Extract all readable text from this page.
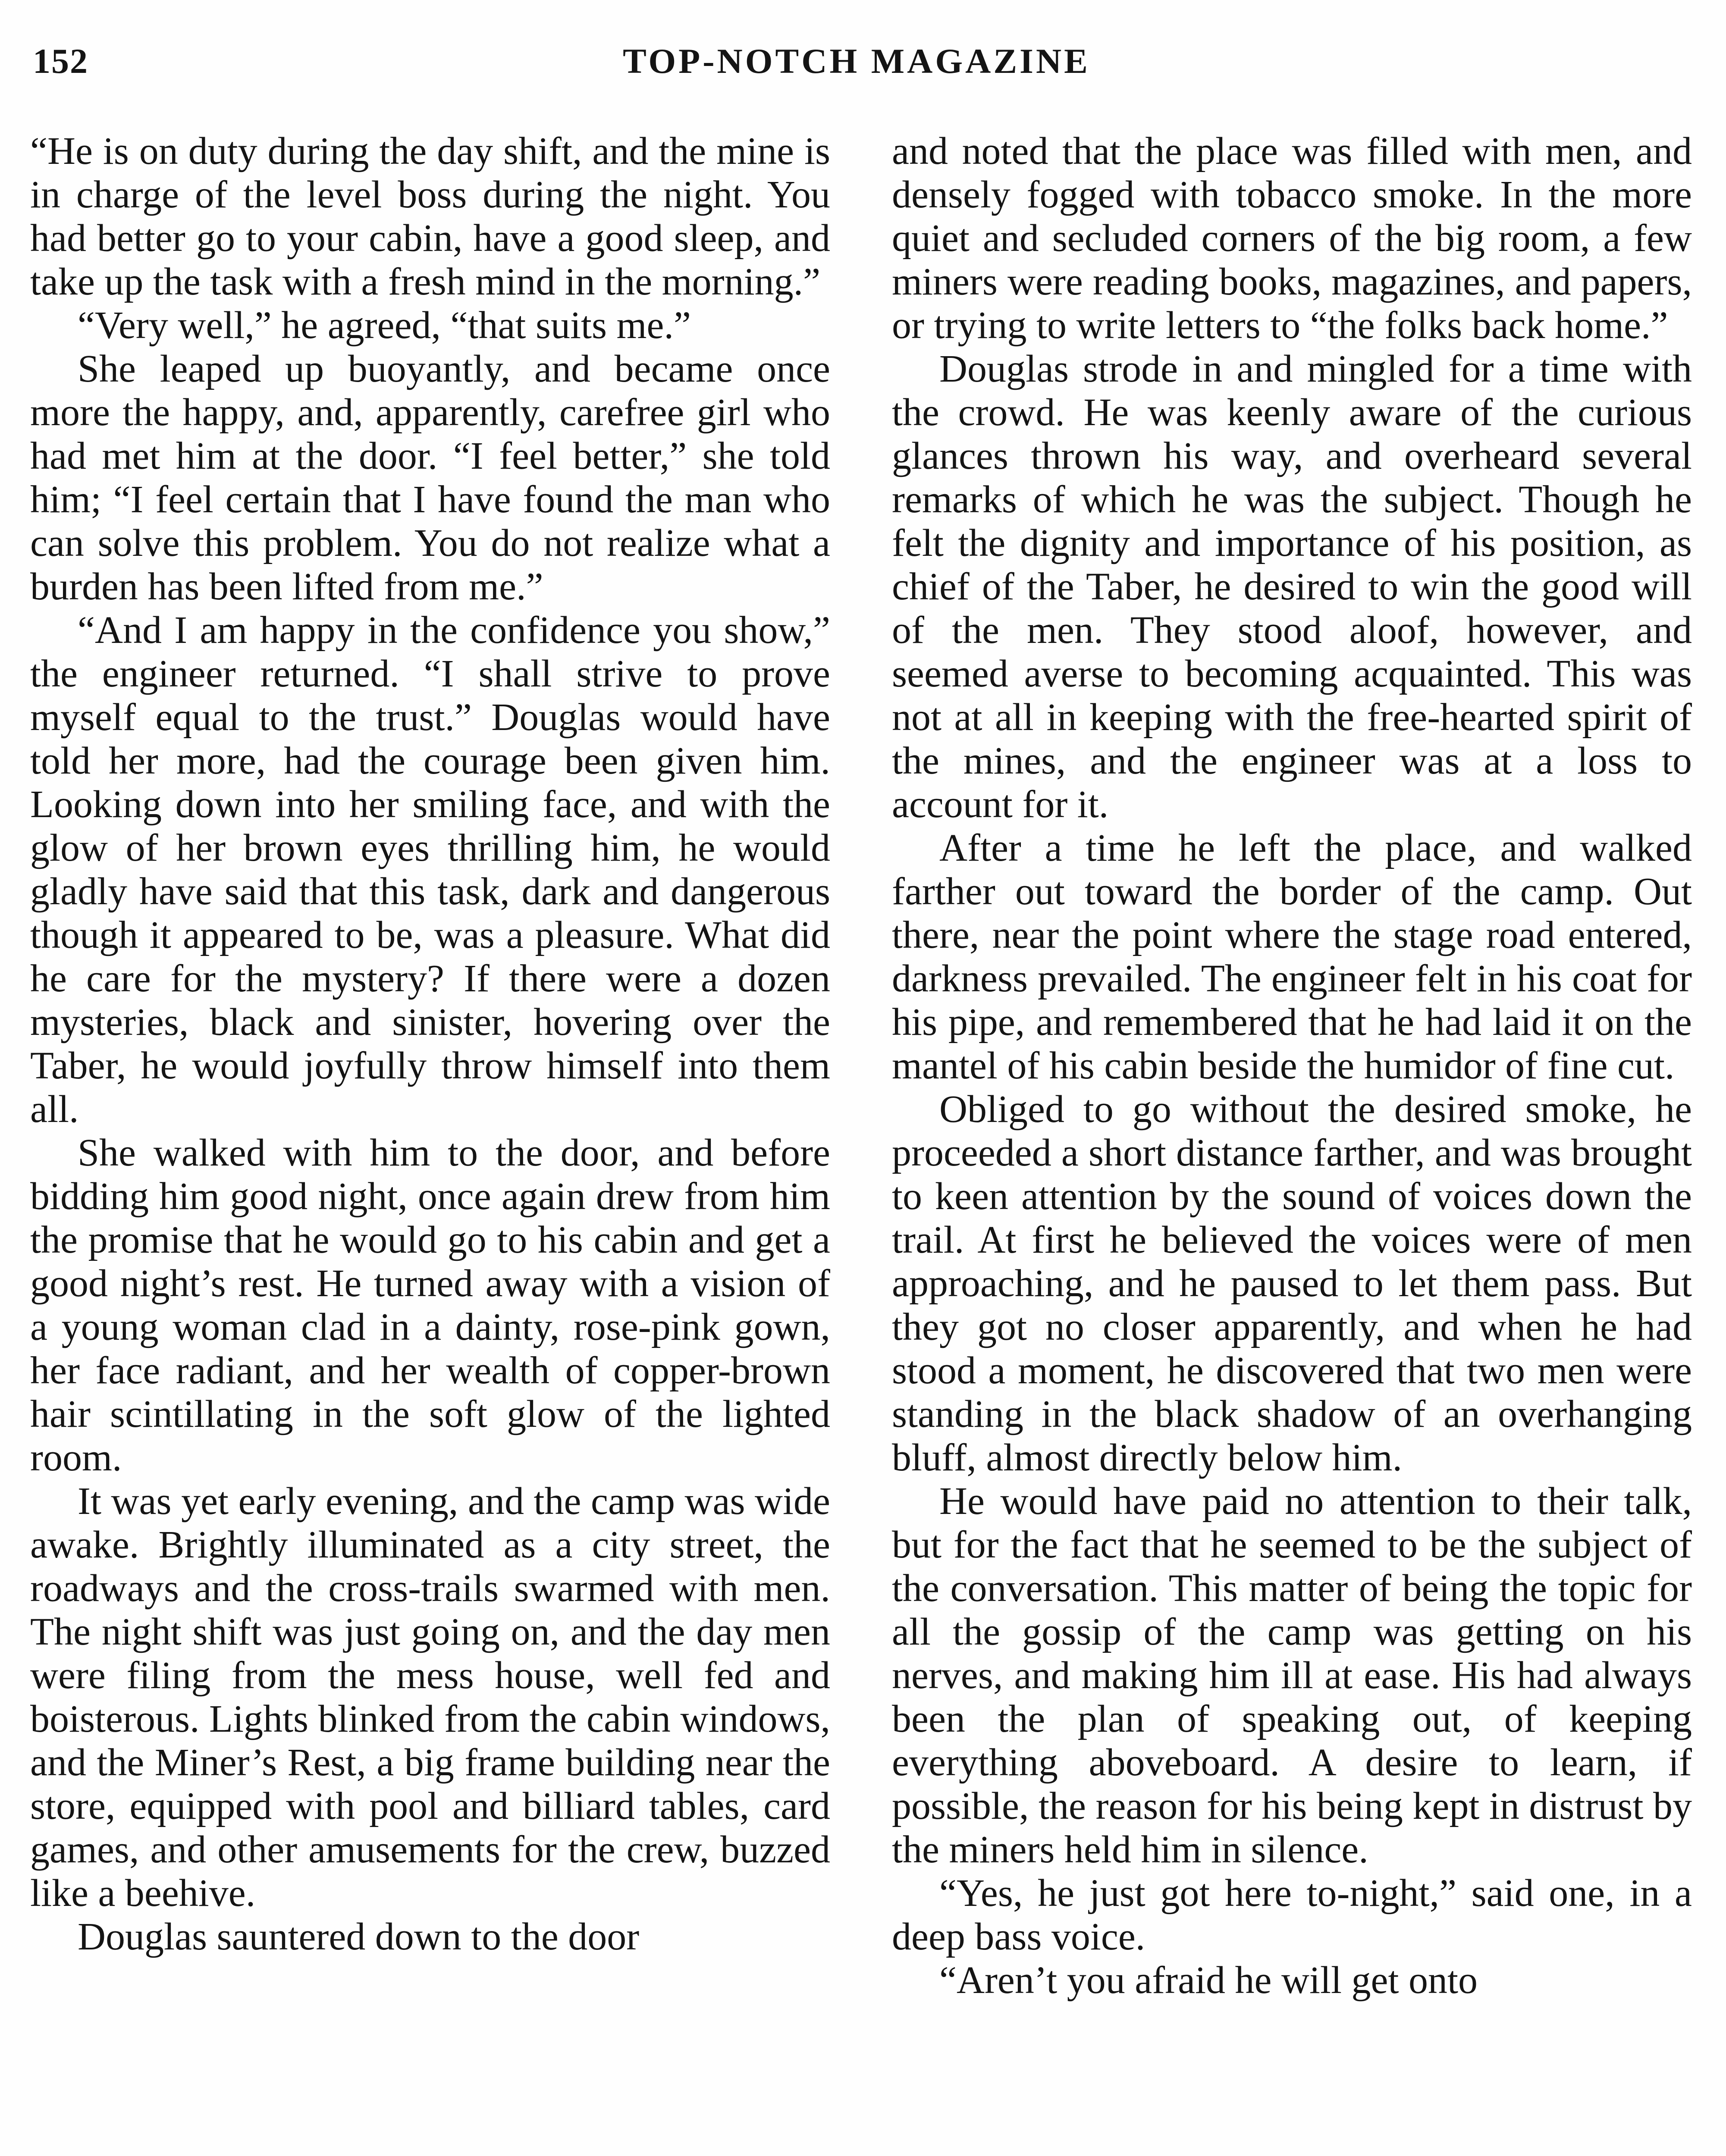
152	TOP-NOTCH MAGAZINE

“He is on duty during the day shift, and the mine is in charge of the level boss during the night. You had better go to your cabin, have a good sleep, and take up the task with a fresh mind in the morning.”

“Very well,” he agreed, “that suits me.”

She leaped up buoyantly, and became once more the happy, and, apparently, carefree girl who had met him at the door. “I feel better,” she told him; “I feel certain that I have found the man who can solve this problem. You do not realize what a burden has been lifted from me.”

“And I am happy in the confidence you show,” the engineer returned. “I shall strive to prove myself equal to the trust.” Douglas would have told her more, had the courage been given him. Looking down into her smiling face, and with the glow of her brown eyes thrilling him, he would gladly have said that this task, dark and dangerous though it appeared to be, was a pleasure. What did he care for the mystery? If there were a dozen mysteries, black and sinister, hovering over the Taber, he would joyfully throw himself into them all.

She walked with him to the door, and before bidding him good night, once again drew from him the promise that he would go to his cabin and get a good night’s rest. He turned away with a vision of a young woman clad in a dainty, rose-pink gown, her face radiant, and her wealth of copper-brown hair scintillating in the soft glow of the lighted room.

It was yet early evening, and the camp was wide awake. Brightly illuminated as a city street, the roadways and the cross-trails swarmed with men. The night shift was just going on, and the day men were filing from the mess house, well fed and boisterous. Lights blinked from the cabin windows, and the Miner’s Rest, a big frame building near the store, equipped with pool and billiard tables, card games, and other amusements for the crew, buzzed like a beehive.

Douglas sauntered down to the door

and noted that the place was filled with men, and densely fogged with tobacco smoke. In the more quiet and secluded corners of the big room, a few miners were reading books, magazines, and papers, or trying to write letters to “the folks back home.”

Douglas strode in and mingled for a time with the crowd. He was keenly aware of the curious glances thrown his way, and overheard several remarks of which he was the subject. Though he felt the dignity and importance of his position, as chief of the Taber, he desired to win the good will of the men. They stood aloof, however, and seemed averse to becoming acquainted. This was not at all in keeping with the free-hearted spirit of the mines, and the engineer was at a loss to account for it.

After a time he left the place, and walked farther out toward the border of the camp. Out there, near the point where the stage road entered, darkness prevailed. The engineer felt in his coat for his pipe, and remembered that he had laid it on the mantel of his cabin beside the humidor of fine cut.

Obliged to go without the desired smoke, he proceeded a short distance farther, and was brought to keen attention by the sound of voices down the trail. At first he believed the voices were of men approaching, and he paused to let them pass. But they got no closer apparently, and when he had stood a moment, he discovered that two men were standing in the black shadow of an overhanging bluff, almost directly below him.

He would have paid no attention to their talk, but for the fact that he seemed to be the subject of the conversation. This matter of being the topic for all the gossip of the camp was getting on his nerves, and making him ill at ease. His had always been the plan of speaking out, of keeping everything aboveboard. A desire to learn, if possible, the reason for his being kept in distrust by the miners held him in silence.

“Yes, he just got here to-night,” said one, in a deep bass voice.

“Aren’t you afraid he will get onto
